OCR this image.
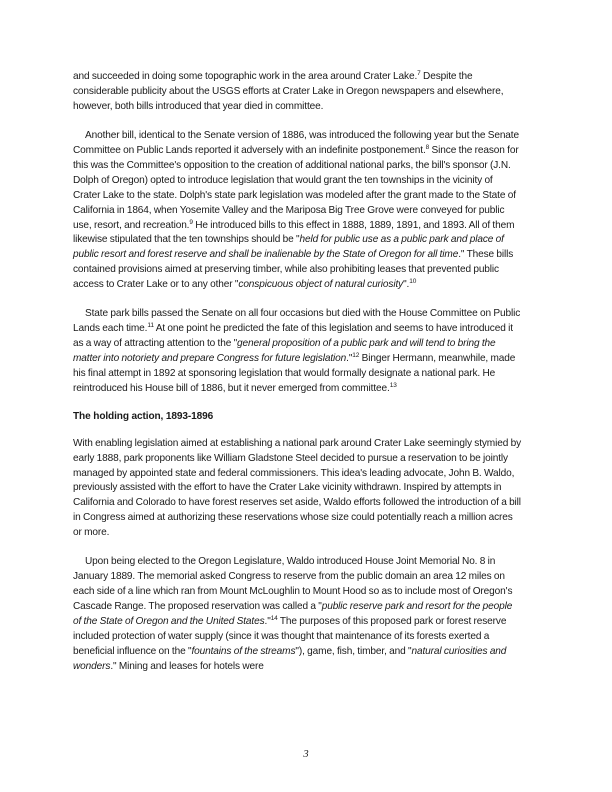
and succeeded in doing some topographic work in the area around Crater Lake.$^7$ Despite the considerable publicity about the USGS efforts at Crater Lake in Oregon newspapers and elsewhere, however, both bills introduced that year died in committee.

Another bill, identical to the Senate version of 1886, was introduced the following year but the Senate Committee on Public Lands reported it adversely with an indefinite postponement.$^8$ Since the reason for this was the Committee's opposition to the creation of additional national parks, the bill's sponsor (J.N. Dolph of Oregon) opted to introduce legislation that would grant the ten townships in the vicinity of Crater Lake to the state. Dolph's state park legislation was modeled after the grant made to the State of California in 1864, when Yosemite Valley and the Mariposa Big Tree Grove were conveyed for public use, resort, and recreation.$^9$ He introduced bills to this effect in 1888, 1889, 1891, and 1893. All of them likewise stipulated that the ten townships should be "held for public use as a public park and place of public resort and forest reserve and shall be inalienable by the State of Oregon for all time." These bills contained provisions aimed at preserving timber, while also prohibiting leases that prevented public access to Crater Lake or to any other "conspicuous object of natural curiosity".$^{10}$

State park bills passed the Senate on all four occasions but died with the House Committee on Public Lands each time.$^{11}$ At one point he predicted the fate of this legislation and seems to have introduced it as a way of attracting attention to the "general proposition of a public park and will tend to bring the matter into notoriety and prepare Congress for future legislation."$^{12}$ Binger Hermann, meanwhile, made his final attempt in 1892 at sponsoring legislation that would formally designate a national park. He reintroduced his House bill of 1886, but it never emerged from committee.$^{13}$

The holding action, 1893-1896

With enabling legislation aimed at establishing a national park around Crater Lake seemingly stymied by early 1888, park proponents like William Gladstone Steel decided to pursue a reservation to be jointly managed by appointed state and federal commissioners. This idea's leading advocate, John B. Waldo, previously assisted with the effort to have the Crater Lake vicinity withdrawn. Inspired by attempts in California and Colorado to have forest reserves set aside, Waldo efforts followed the introduction of a bill in Congress aimed at authorizing these reservations whose size could potentially reach a million acres or more.

Upon being elected to the Oregon Legislature, Waldo introduced House Joint Memorial No. 8 in January 1889. The memorial asked Congress to reserve from the public domain an area 12 miles on each side of a line which ran from Mount McLoughlin to Mount Hood so as to include most of Oregon's Cascade Range. The proposed reservation was called a "public reserve park and resort for the people of the State of Oregon and the United States."$^{14}$ The purposes of this proposed park or forest reserve included protection of water supply (since it was thought that maintenance of its forests exerted a beneficial influence on the "fountains of the streams"), game, fish, timber, and "natural curiosities and wonders." Mining and leases for hotels were

3
